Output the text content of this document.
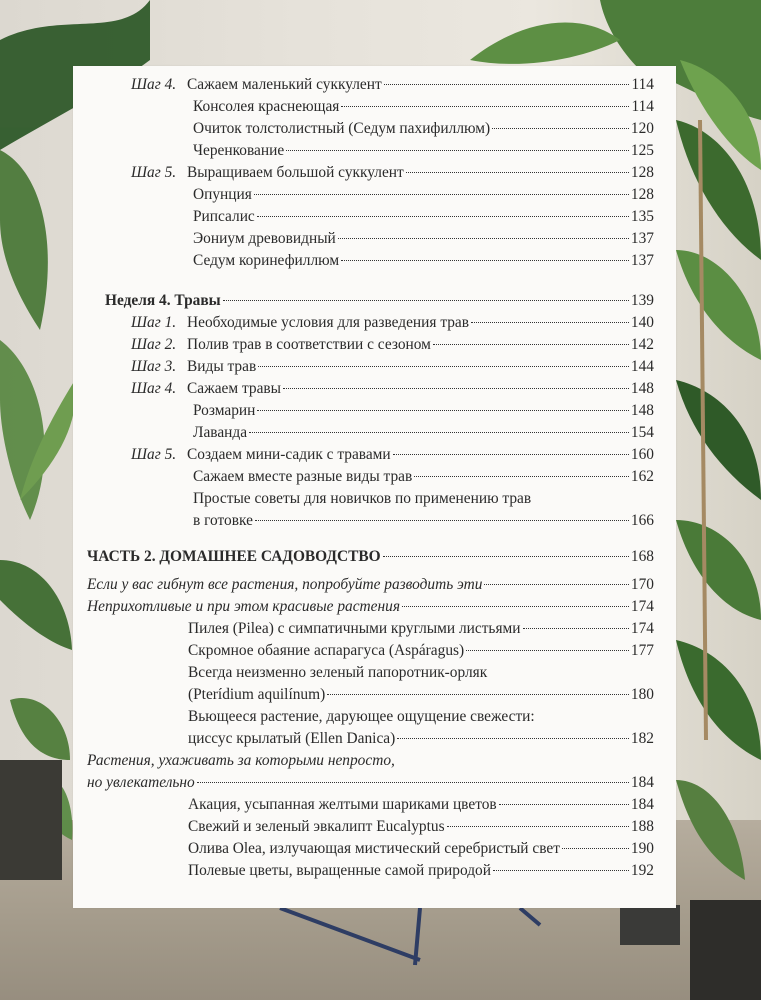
Шаг 4. Сажаем маленький суккулент	114
Консолея краснеющая	114
Очиток толстолистный (Седум пахифиллюм)	120
Черенкование	125
Шаг 5. Выращиваем большой суккулент	128
Опунция	128
Рипсалис	135
Эониум древовидный	137
Седум коринефиллюм	137
Неделя 4. Травы	139
Шаг 1. Необходимые условия для разведения трав	140
Шаг 2. Полив трав в соответствии с сезоном	142
Шаг 3. Виды трав	144
Шаг 4. Сажаем травы	148
Розмарин	148
Лаванда	154
Шаг 5. Создаем мини-садик с травами	160
Сажаем вместе разные виды трав	162
Простые советы для новичков по применению трав
в готовке	166
ЧАСТЬ 2. ДОМАШНЕЕ САДОВОДСТВО	168
Если у вас гибнут все растения, попробуйте разводить эти	170
Неприхотливые и при этом красивые растения	174
Пилея (Pilea) с симпатичными круглыми листьями	174
Скромное обаяние аспарагуса (Aspáragus)	177
Всегда неизменно зеленый папоротник-орляк
(Pterídium aquilínum)	180
Вьющееся растение, дарующее ощущение свежести:
циссус крылатый (Ellen Danica)	182
Растения, ухаживать за которыми непросто,
но увлекательно	184
Акация, усыпанная желтыми шариками цветов	184
Свежий и зеленый эвкалипт Eucalyptus	188
Олива Olea, излучающая мистический серебристый свет	190
Полевые цветы, выращенные самой природой	192
